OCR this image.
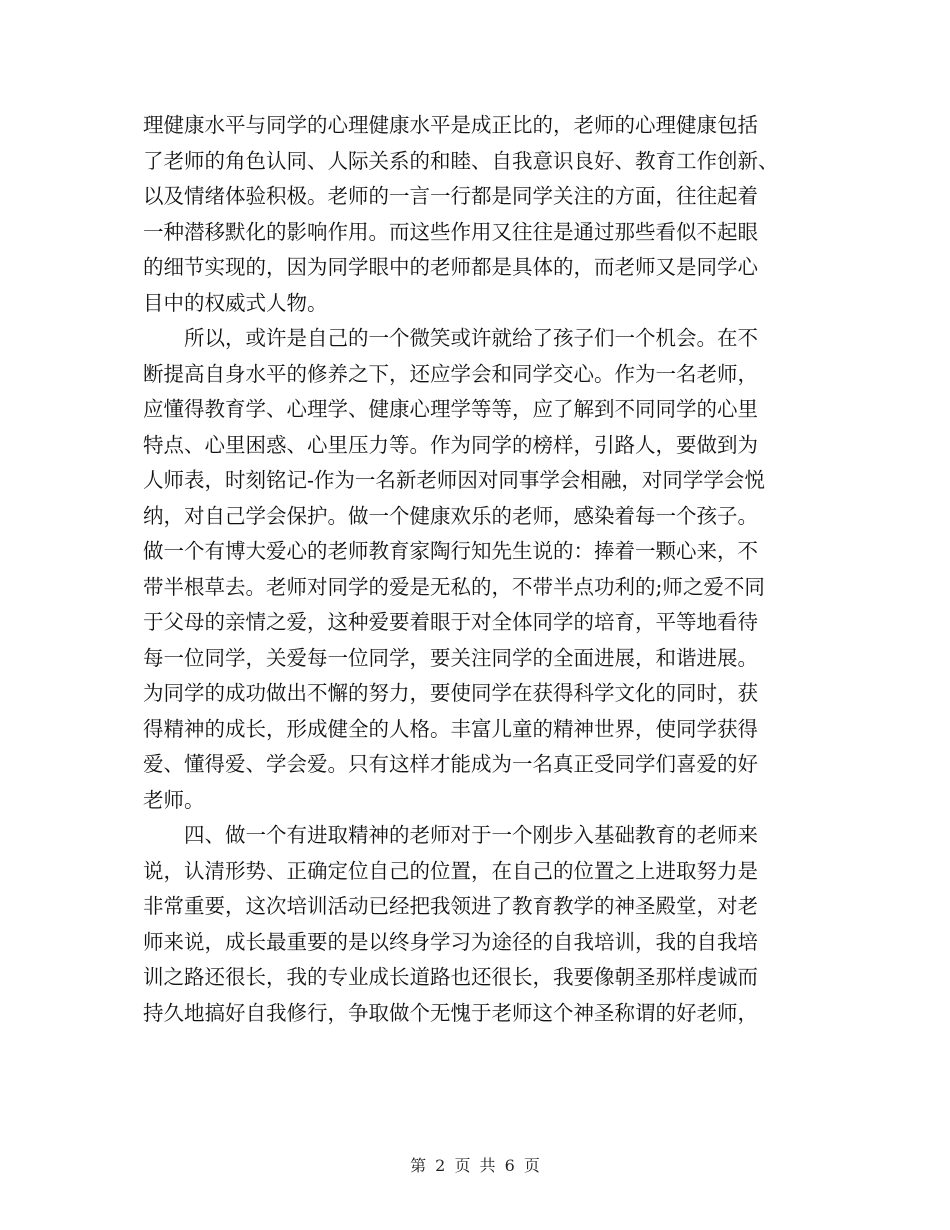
理健康水平与同学的心理健康水平是成正比的，老师的心理健康包括
了老师的角色认同、人际关系的和睦、自我意识良好、教育工作创新、
以及情绪体验积极。老师的一言一行都是同学关注的方面，往往起着
一种潜移默化的影响作用。而这些作用又往往是通过那些看似不起眼
的细节实现的，因为同学眼中的老师都是具体的，而老师又是同学心
目中的权威式人物。
　　所以，或许是自己的一个微笑或许就给了孩子们一个机会。在不
断提高自身水平的修养之下，还应学会和同学交心。作为一名老师，
应懂得教育学、心理学、健康心理学等等，应了解到不同同学的心里
特点、心里困惑、心里压力等。作为同学的榜样，引路人，要做到为
人师表，时刻铭记-作为一名新老师因对同事学会相融，对同学学会悦
纳，对自己学会保护。做一个健康欢乐的老师，感染着每一个孩子。
做一个有博大爱心的老师教育家陶行知先生说的：捧着一颗心来，不
带半根草去。老师对同学的爱是无私的，不带半点功利的;师之爱不同
于父母的亲情之爱，这种爱要着眼于对全体同学的培育，平等地看待
每一位同学，关爱每一位同学，要关注同学的全面进展，和谐进展。
为同学的成功做出不懈的努力，要使同学在获得科学文化的同时，获
得精神的成长，形成健全的人格。丰富儿童的精神世界，使同学获得
爱、懂得爱、学会爱。只有这样才能成为一名真正受同学们喜爱的好
老师。
　　四、做一个有进取精神的老师对于一个刚步入基础教育的老师来
说，认清形势、正确定位自己的位置，在自己的位置之上进取努力是
非常重要，这次培训活动已经把我领进了教育教学的神圣殿堂，对老
师来说，成长最重要的是以终身学习为途径的自我培训，我的自我培
训之路还很长，我的专业成长道路也还很长，我要像朝圣那样虔诚而
持久地搞好自我修行，争取做个无愧于老师这个神圣称谓的好老师，
第 2 页 共 6 页
